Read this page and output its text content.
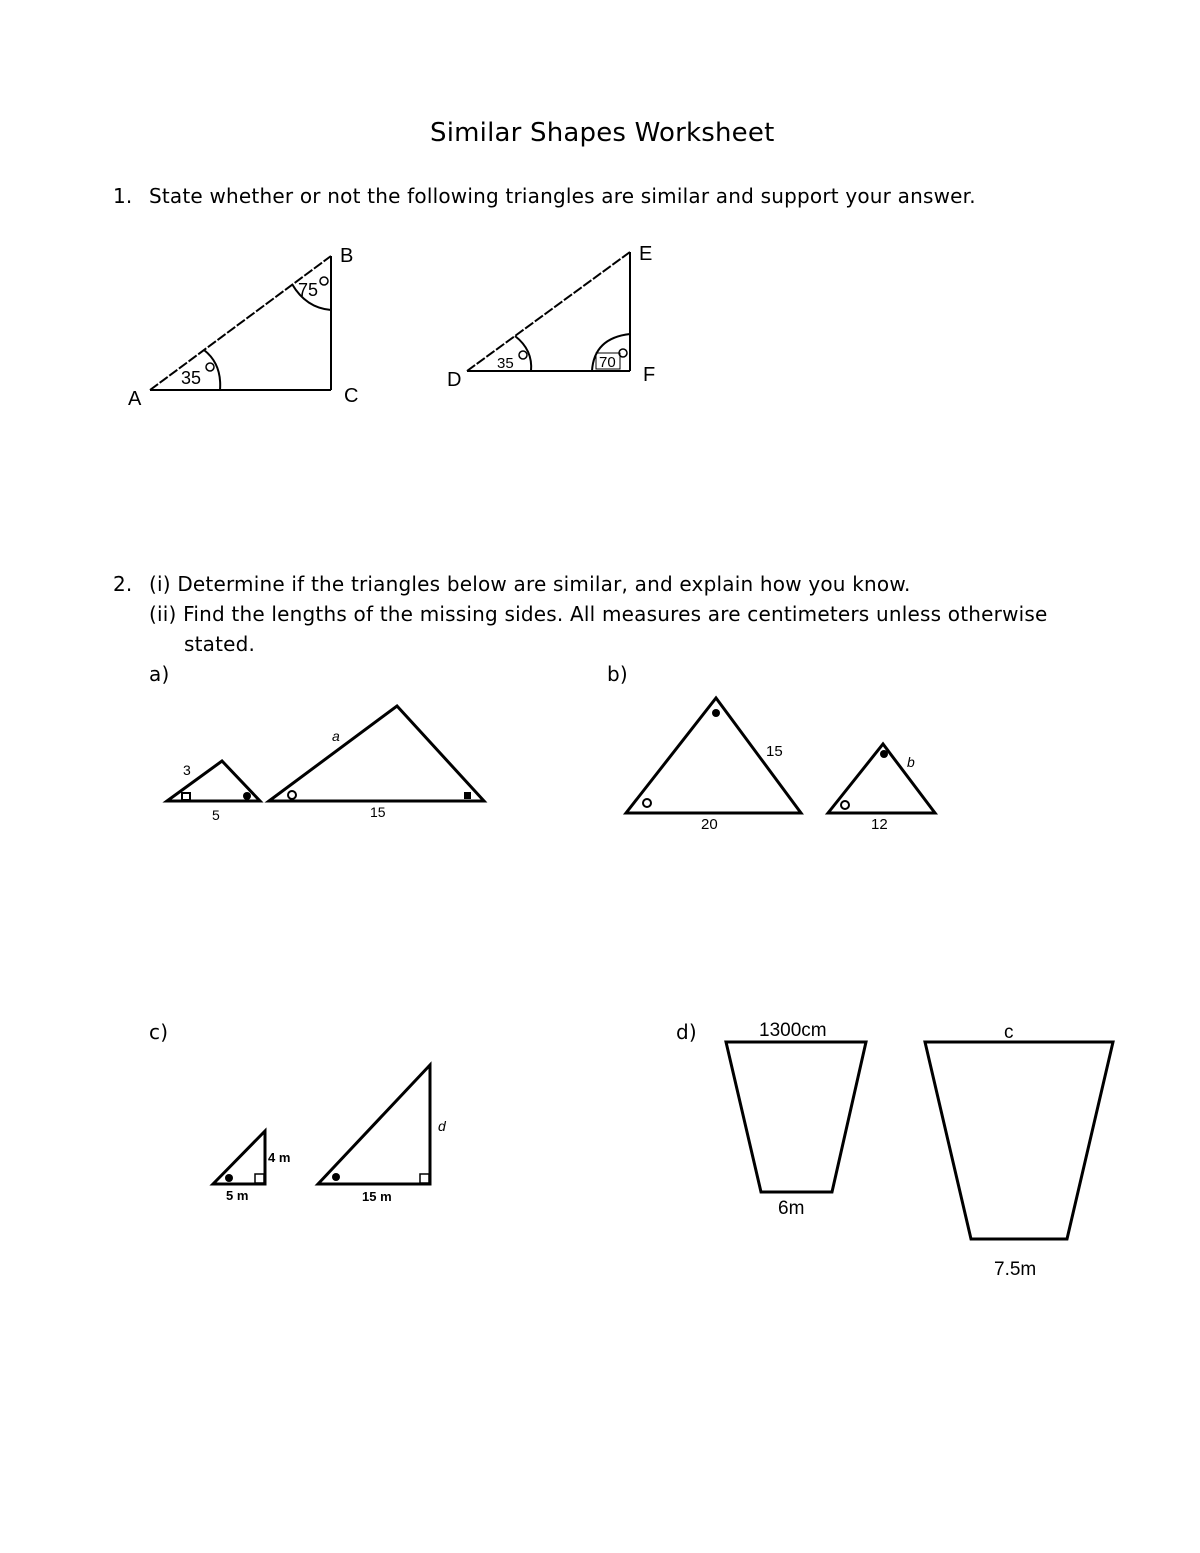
Similar Shapes Worksheet
1. State whether or not the following triangles are similar and support your answer.
2. (i) Determine if the triangles below are similar, and explain how you know.
(ii) Find the lengths of the missing sides. All measures are centimeters unless otherwise
stated.
a)	b)
c)	d)
35
75
A
B
C
35	70
D
E
F
3
5
a
15
15
20
b
12
4 m
5 m
d
15 m
1300cm
6m
c
7.5m
